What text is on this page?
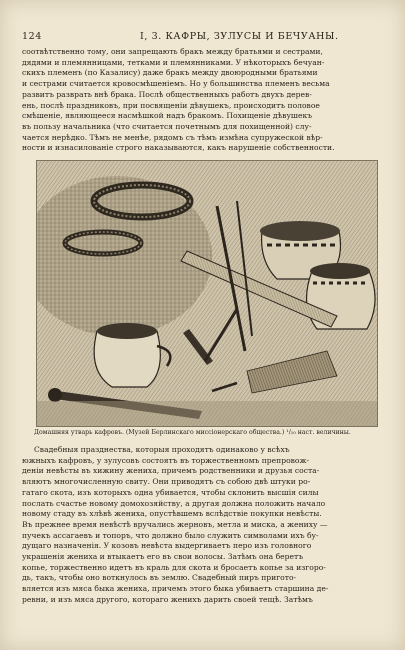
124	I, 3. КАФРЫ, ЗУЛУСЫ И БЕЧУАНЫ.
соотвѣтственно тому, они запрещають бракъ между братьями и сестрами,
дядями и племянницами, тетками и племянниками. У нѣкоторыхъ бечуан-
скихъ племенъ (по Казалису) даже бракъ между двоюродными братьями
и сестрами считается кровосмѣшенiемъ. Но у большинства племенъ весьма
развитъ разврать внѣ брака. Послѣ общественныхъ работъ двухъ дерев-
ень, послѣ праздниковъ, при посвященiи дѣвушекъ, происходитъ половое
смѣшенiе, являющееся насмѣшкой надъ бракомъ. Похищенiе дѣвушекъ
въ пользу начальника (что считается почетнымъ для похищенной) слу-
чается нерѣдко. Тѣмъ не менѣе, рядомъ съ тѣмъ измѣна супружеской вѣр-
ности и изнасилованiе строго наказываются, какъ нарушенiе собственности.
Домашняя утварь кафровъ. (Музей Берлинскаго миссiонерскаго общества.) ¹/₁₀ наст. величины.
Свадебныя празднества, которыя проходятъ одинаково у всѣхъ
южныхъ кафровъ, у зулусовъ состоятъ въ торжественномъ препровож-
денiи невѣсты въ хижину жениха, причемъ родственники и друзья соста-
вляютъ многочисленную свиту. Они приводятъ съ собою двѣ штуки ро-
гатаго скота, изъ которыхъ одна убивается, чтобы склонить высшiя силы
послать счастье новому домохозяйству, а другая должна положить начало
новому стаду въ хлѣвѣ жениха, опустѣвшемъ вслѣдствiе покупки невѣсты.
Въ прежнее время невѣстѣ вручались жерновъ, метла и миска, а жениху —
пучекъ ассагаевъ и топоръ, что должно было служить символами ихъ бу-
дущаго назначенiя. У козовъ невѣста выдергиваетъ перо изъ головного
украшенiя жениха и втыкаетъ его въ свои волосы. Затѣмъ она беретъ
копье, торжественно идетъ въ краль для скота и бросаетъ копье за изгоро-
дь, такъ, чтобы оно воткнулось въ землю. Свадебный пиръ пригото-
вляется изъ мяса быка жениха, причемъ этого быка убиваетъ старшина де-
ревни, и изъ мяса другого, котораго женихъ дарить своей тещѣ. Затѣмъ
